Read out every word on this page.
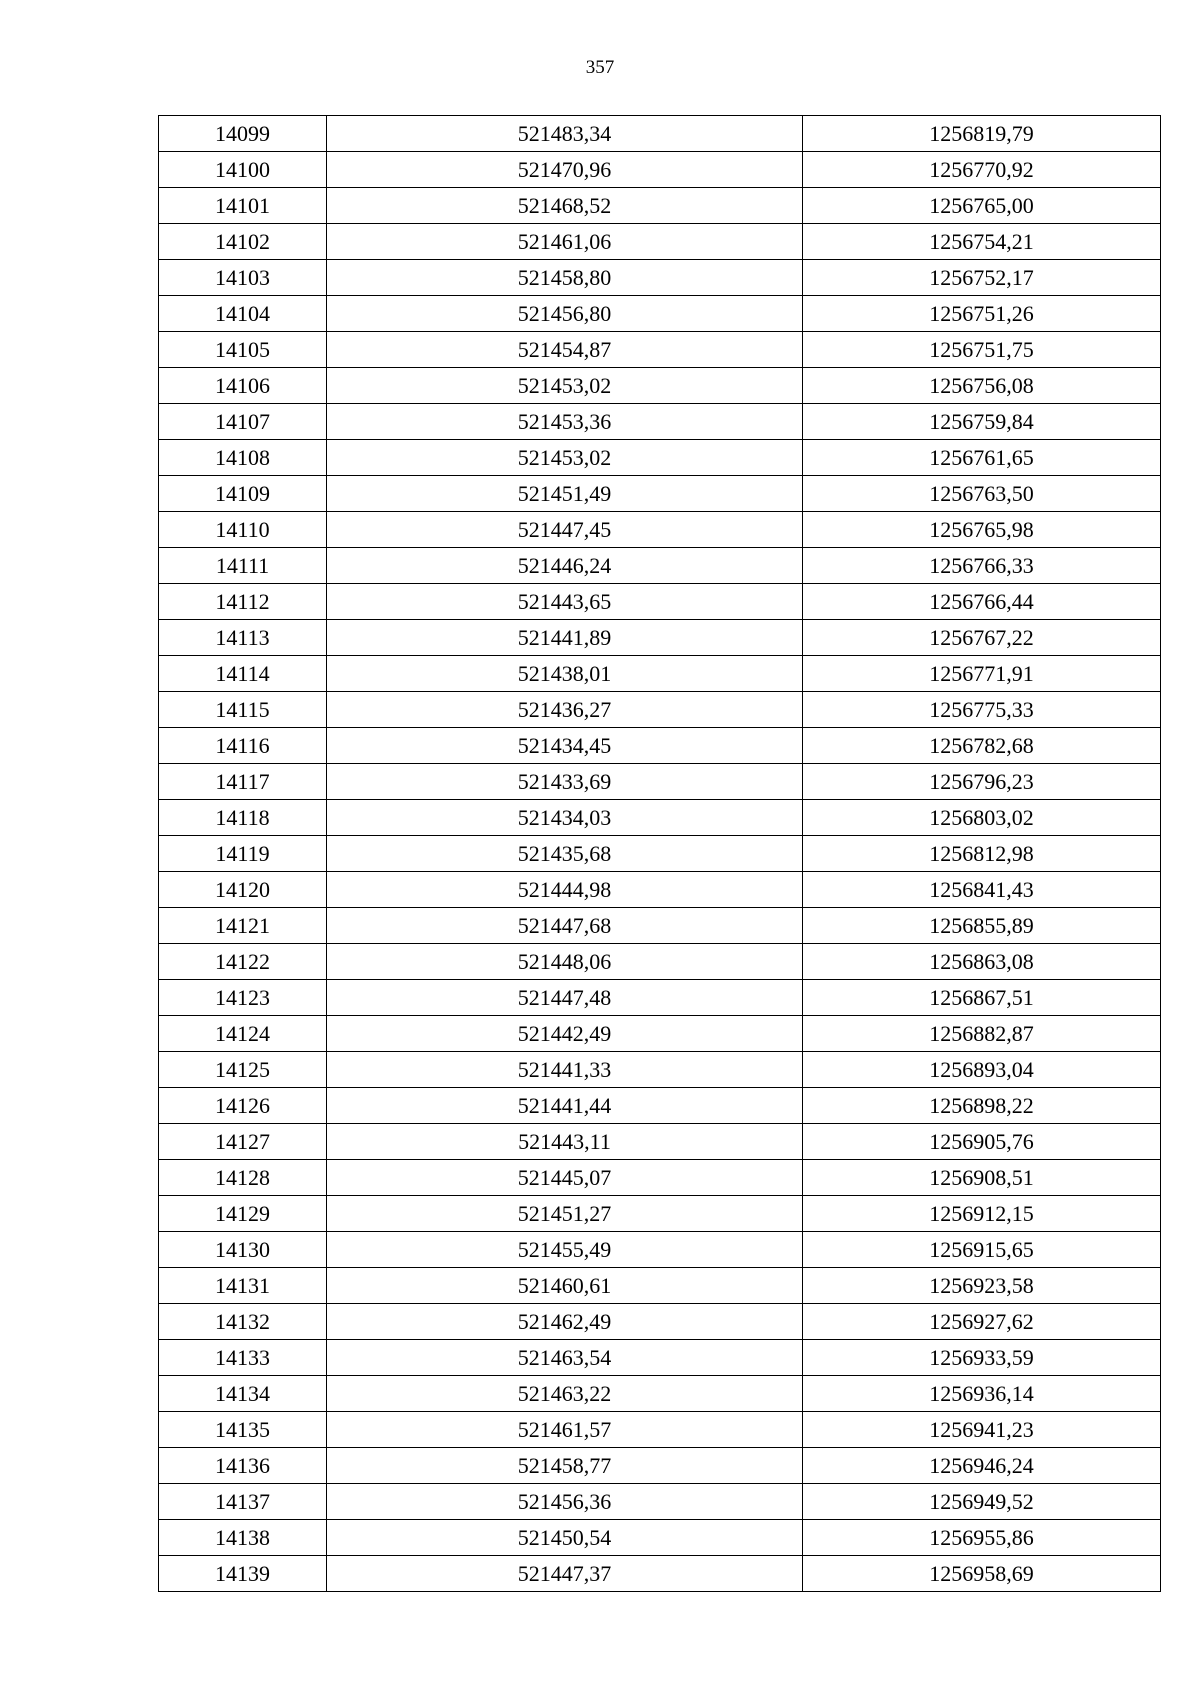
357
14099	521483,34	1256819,79
14100	521470,96	1256770,92
14101	521468,52	1256765,00
14102	521461,06	1256754,21
14103	521458,80	1256752,17
14104	521456,80	1256751,26
14105	521454,87	1256751,75
14106	521453,02	1256756,08
14107	521453,36	1256759,84
14108	521453,02	1256761,65
14109	521451,49	1256763,50
14110	521447,45	1256765,98
14111	521446,24	1256766,33
14112	521443,65	1256766,44
14113	521441,89	1256767,22
14114	521438,01	1256771,91
14115	521436,27	1256775,33
14116	521434,45	1256782,68
14117	521433,69	1256796,23
14118	521434,03	1256803,02
14119	521435,68	1256812,98
14120	521444,98	1256841,43
14121	521447,68	1256855,89
14122	521448,06	1256863,08
14123	521447,48	1256867,51
14124	521442,49	1256882,87
14125	521441,33	1256893,04
14126	521441,44	1256898,22
14127	521443,11	1256905,76
14128	521445,07	1256908,51
14129	521451,27	1256912,15
14130	521455,49	1256915,65
14131	521460,61	1256923,58
14132	521462,49	1256927,62
14133	521463,54	1256933,59
14134	521463,22	1256936,14
14135	521461,57	1256941,23
14136	521458,77	1256946,24
14137	521456,36	1256949,52
14138	521450,54	1256955,86
14139	521447,37	1256958,69
